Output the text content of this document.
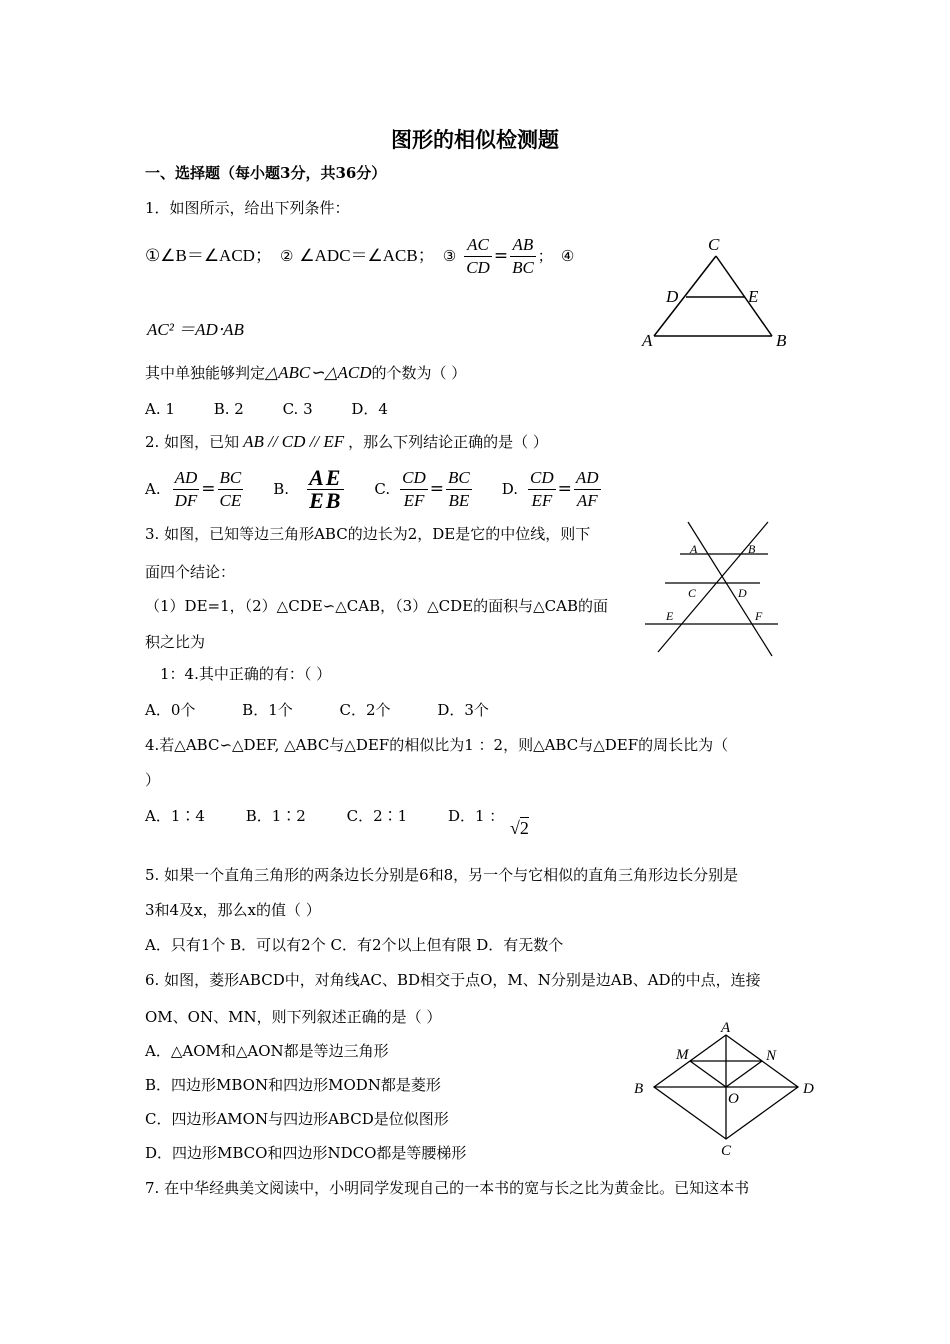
图形的相似检测题
一、选择题（每小题3分，共36分）
1．如图所示，给出下列条件：
①∠B＝∠ACD； ② ∠ADC＝∠ACB； ③ $\frac{AC}{CD} = \frac{AB}{BC}$ ； ④
AC² ＝AD⋅AB
其中单独能够判定△ABC∽△ACD的个数为（ ）
A. 1	B. 2	C. 3	D．4
C
D	E
A	B
2. 如图，已知 AB // CD // EF ，那么下列结论正确的是（ ）
A. $\frac{AD}{DF} = \frac{BC}{CE} B$. $\frac{AE}{EB} C$. $\frac{CD}{EF} = \frac{BC}{BE} D$. $\frac{CD}{EF} = \frac{AD}{AF}$
A	B
C	D
E	F
3. 如图，已知等边三角形ABC的边长为2，DE是它的中位线，则下
面四个结论：
（1）DE=1，（2）△CDE∽△CAB，（3）△CDE的面积与△CAB的面
积之比为
1：4.其中正确的有：（ ）
A．0个	B．1个	C．2个	D．3个
4.若△ABC∽△DEF, △ABC与△DEF的相似比为1 ：2，则△ABC与△DEF的周长比为（
）
A．1∶4	B．1∶2	C．2∶1	D．1 ：
√2
5. 如果一个直角三角形的两条边长分别是6和8，另一个与它相似的直角三角形边长分别是
3和4及x，那么x的值（ ）
A．只有1个 B．可以有2个 C．有2个以上但有限 D．有无数个
6. 如图，菱形ABCD中，对角线AC、BD相交于点O，M、N分别是边AB、AD的中点，连接
OM、ON、MN，则下列叙述正确的是（ ）
A．△AOM和△AON都是等边三角形
B．四边形MBON和四边形MODN都是菱形
C．四边形AMON与四边形ABCD是位似图形
D．四边形MBCO和四边形NDCO都是等腰梯形
A
M	N
B
O
D
C
7. 在中华经典美文阅读中，小明同学发现自己的一本书的宽与长之比为黄金比。已知这本书
